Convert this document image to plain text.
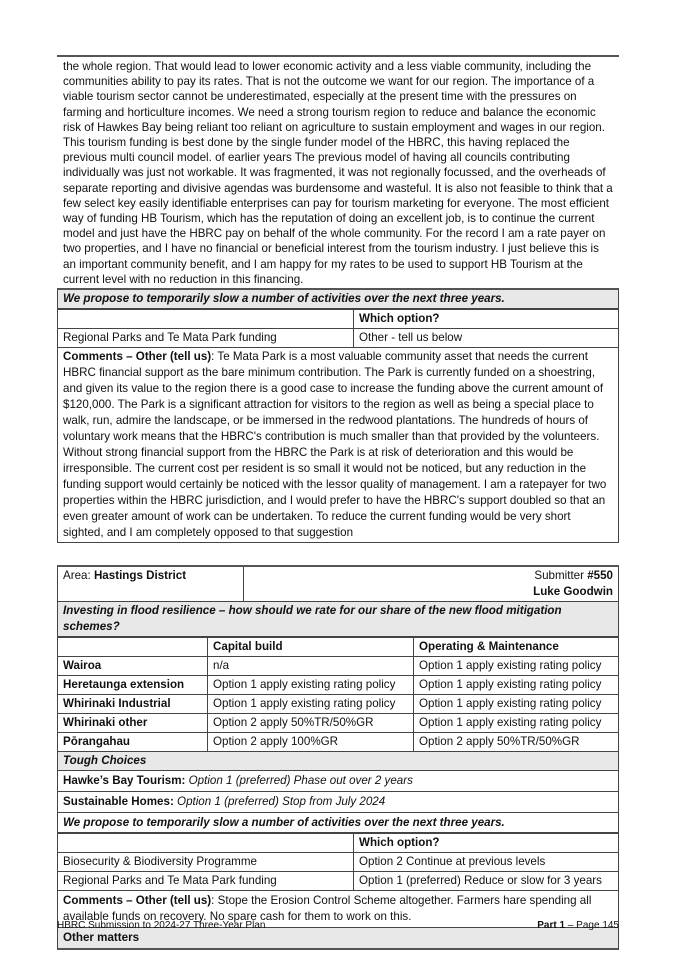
the whole region. That would lead to lower economic activity and a less viable community, including the communities ability to pay its rates. That is not the outcome we want for our region. The importance of a viable tourism sector cannot be underestimated, especially at the present time with the pressures on farming and horticulture incomes. We need a strong tourism region to reduce and balance the economic risk of Hawkes Bay being reliant too reliant on agriculture to sustain employment and wages in our region. This tourism funding is best done by the single funder model of the HBRC, this having replaced the previous multi council model. of earlier years The previous model of having all councils contributing individually was just not workable. It was fragmented, it was not regionally focussed, and the overheads of separate reporting and divisive agendas was burdensome and wasteful. It is also not feasible to think that a few select key easily identifiable enterprises can pay for tourism marketing for everyone. The most efficient way of funding HB Tourism, which has the reputation of doing an excellent job, is to continue the current model and just have the HBRC pay on behalf of the whole community. For the record I am a rate payer on two properties, and I have no financial or beneficial interest from the tourism industry. I just believe this is an important community benefit, and I am happy for my rates to be used to support HB Tourism at the current level with no reduction in this financing.

We propose to temporarily slow a number of activities over the next three years.
	Which option?
Regional Parks and Te Mata Park funding	Other - tell us below
Comments – Other (tell us): Te Mata Park is a most valuable community asset that needs the current HBRC financial support as the bare minimum contribution. The Park is currently funded on a shoestring, and given its value to the region there is a good case to increase the funding above the current amount of $120,000. The Park is a significant attraction for visitors to the region as well as being a special place to walk, run, admire the landscape, or be immersed in the redwood plantations. The hundreds of hours of voluntary work means that the HBRC's contribution is much smaller than that provided by the volunteers. Without strong financial support from the HBRC the Park is at risk of deterioration and this would be irresponsible. The current cost per resident is so small it would not be noticed, but any reduction in the funding support would certainly be noticed with the lessor quality of management. I am a ratepayer for two properties within the HBRC jurisdiction, and I would prefer to have the HBRC's support doubled so that an even greater amount of work can be undertaken. To reduce the current funding would be very short sighted, and I am completely opposed to that suggestion
Area: Hastings District	Submitter #550
Luke Goodwin
Investing in flood resilience – how should we rate for our share of the new flood mitigation schemes?
	Capital build	Operating & Maintenance
Wairoa	n/a	Option 1 apply existing rating policy
Heretaunga extension	Option 1 apply existing rating policy	Option 1 apply existing rating policy
Whirinaki Industrial	Option 1 apply existing rating policy	Option 1 apply existing rating policy
Whirinaki other	Option 2 apply 50%TR/50%GR	Option 1 apply existing rating policy
Pōrangahau	Option 2 apply 100%GR	Option 2 apply 50%TR/50%GR
Tough Choices
Hawke’s Bay Tourism: Option 1 (preferred) Phase out over 2 years
Sustainable Homes: Option 1 (preferred) Stop from July 2024
We propose to temporarily slow a number of activities over the next three years.
	Which option?
Biosecurity & Biodiversity Programme	Option 2 Continue at previous levels
Regional Parks and Te Mata Park funding	Option 1 (preferred) Reduce or slow for 3 years
Comments – Other (tell us): Stope the Erosion Control Scheme altogether. Farmers hare spending all available funds on recovery. No spare cash for them to work on this.
Other matters
HBRC Submission to 2024-27 Three-Year Plan	Part 1 – Page 145
